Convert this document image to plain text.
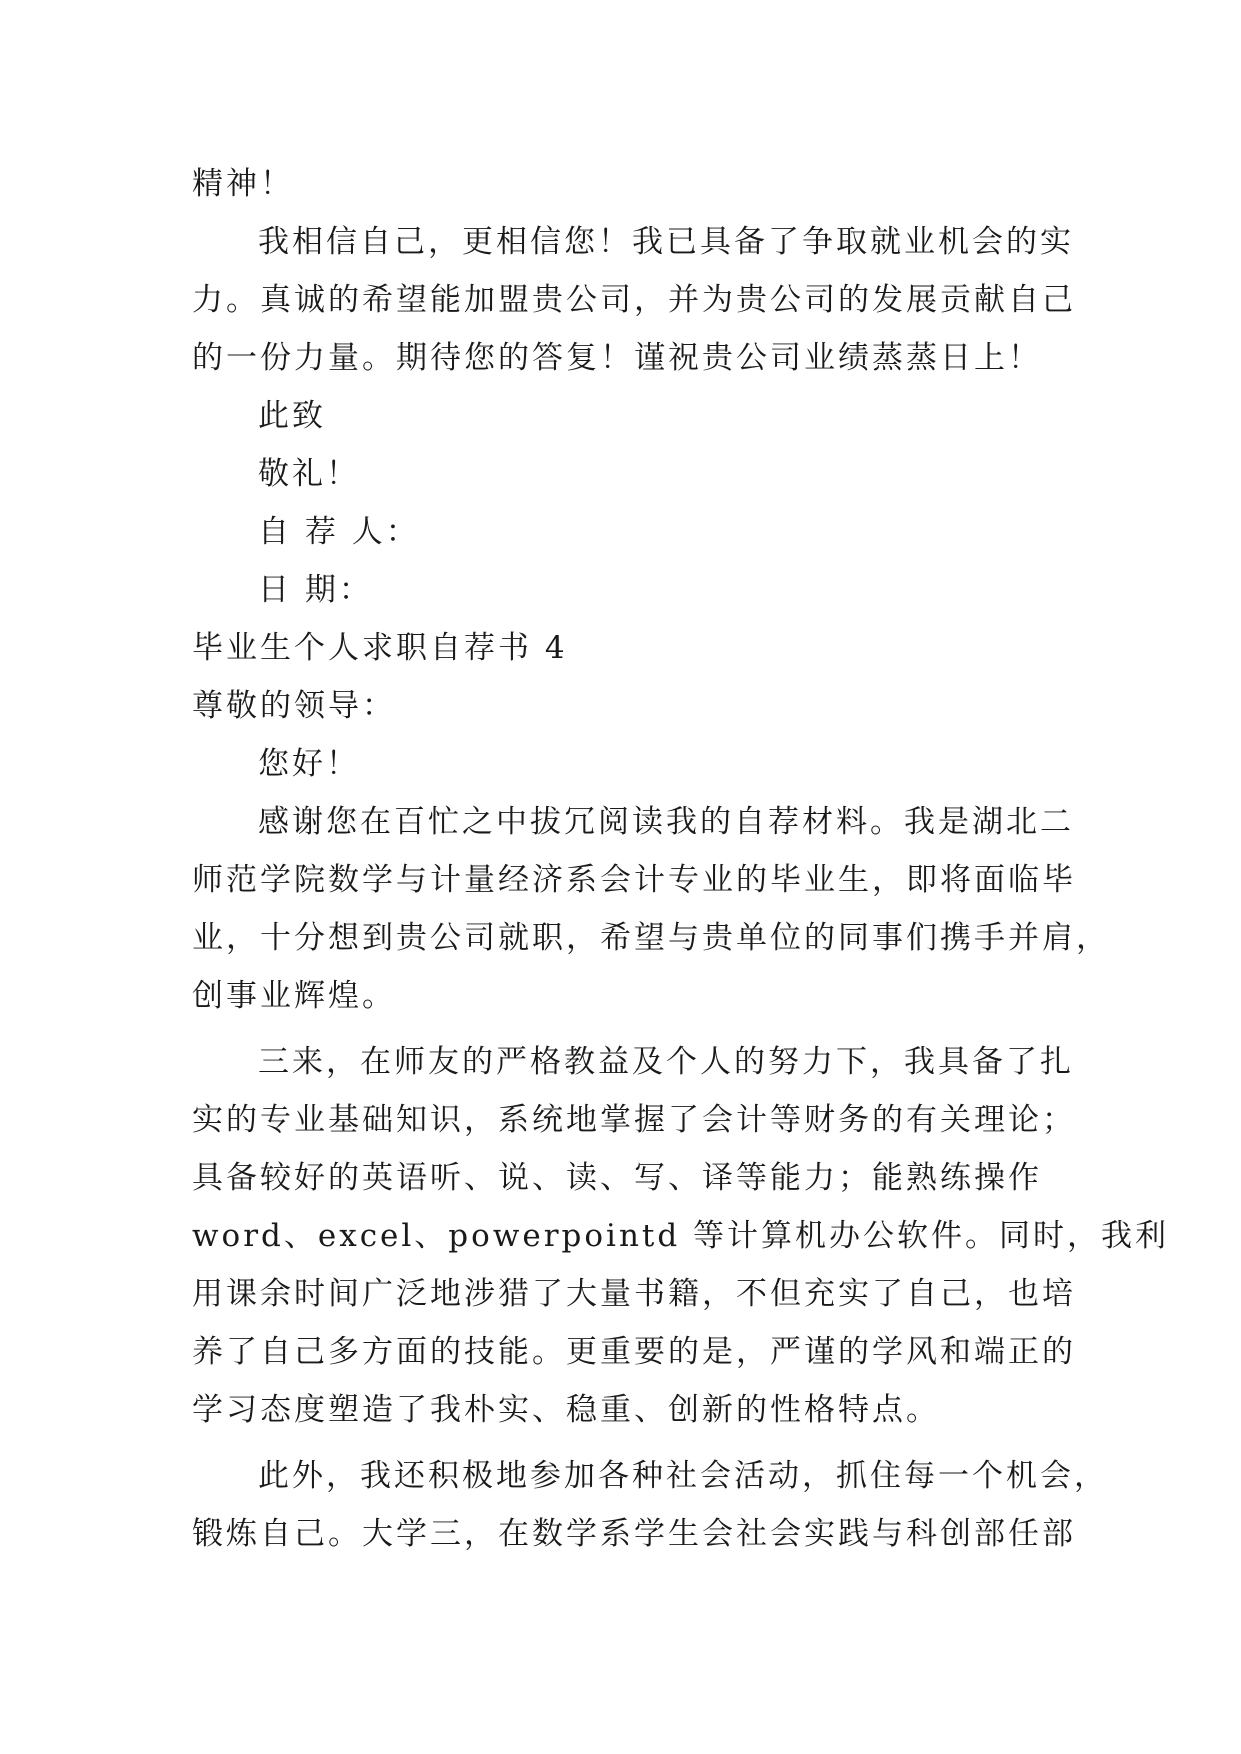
精神！
我相信自己，更相信您！我已具备了争取就业机会的实
力。真诚的希望能加盟贵公司，并为贵公司的发展贡献自己
的一份力量。期待您的答复！谨祝贵公司业绩蒸蒸日上！
此致
敬礼！
自 荐 人：
日 期：
毕业生个人求职自荐书 4
尊敬的领导：
您好！
感谢您在百忙之中拔冗阅读我的自荐材料。我是湖北二
师范学院数学与计量经济系会计专业的毕业生，即将面临毕
业，十分想到贵公司就职，希望与贵单位的同事们携手并肩，
创事业辉煌。
三来，在师友的严格教益及个人的努力下，我具备了扎
实的专业基础知识，系统地掌握了会计等财务的有关理论；
具备较好的英语听、说、读、写、译等能力；能熟练操作
word、excel、powerpointd 等计算机办公软件。同时，我利
用课余时间广泛地涉猎了大量书籍，不但充实了自己，也培
养了自己多方面的技能。更重要的是，严谨的学风和端正的
学习态度塑造了我朴实、稳重、创新的性格特点。
此外，我还积极地参加各种社会活动，抓住每一个机会，
锻炼自己。大学三，在数学系学生会社会实践与科创部任部
